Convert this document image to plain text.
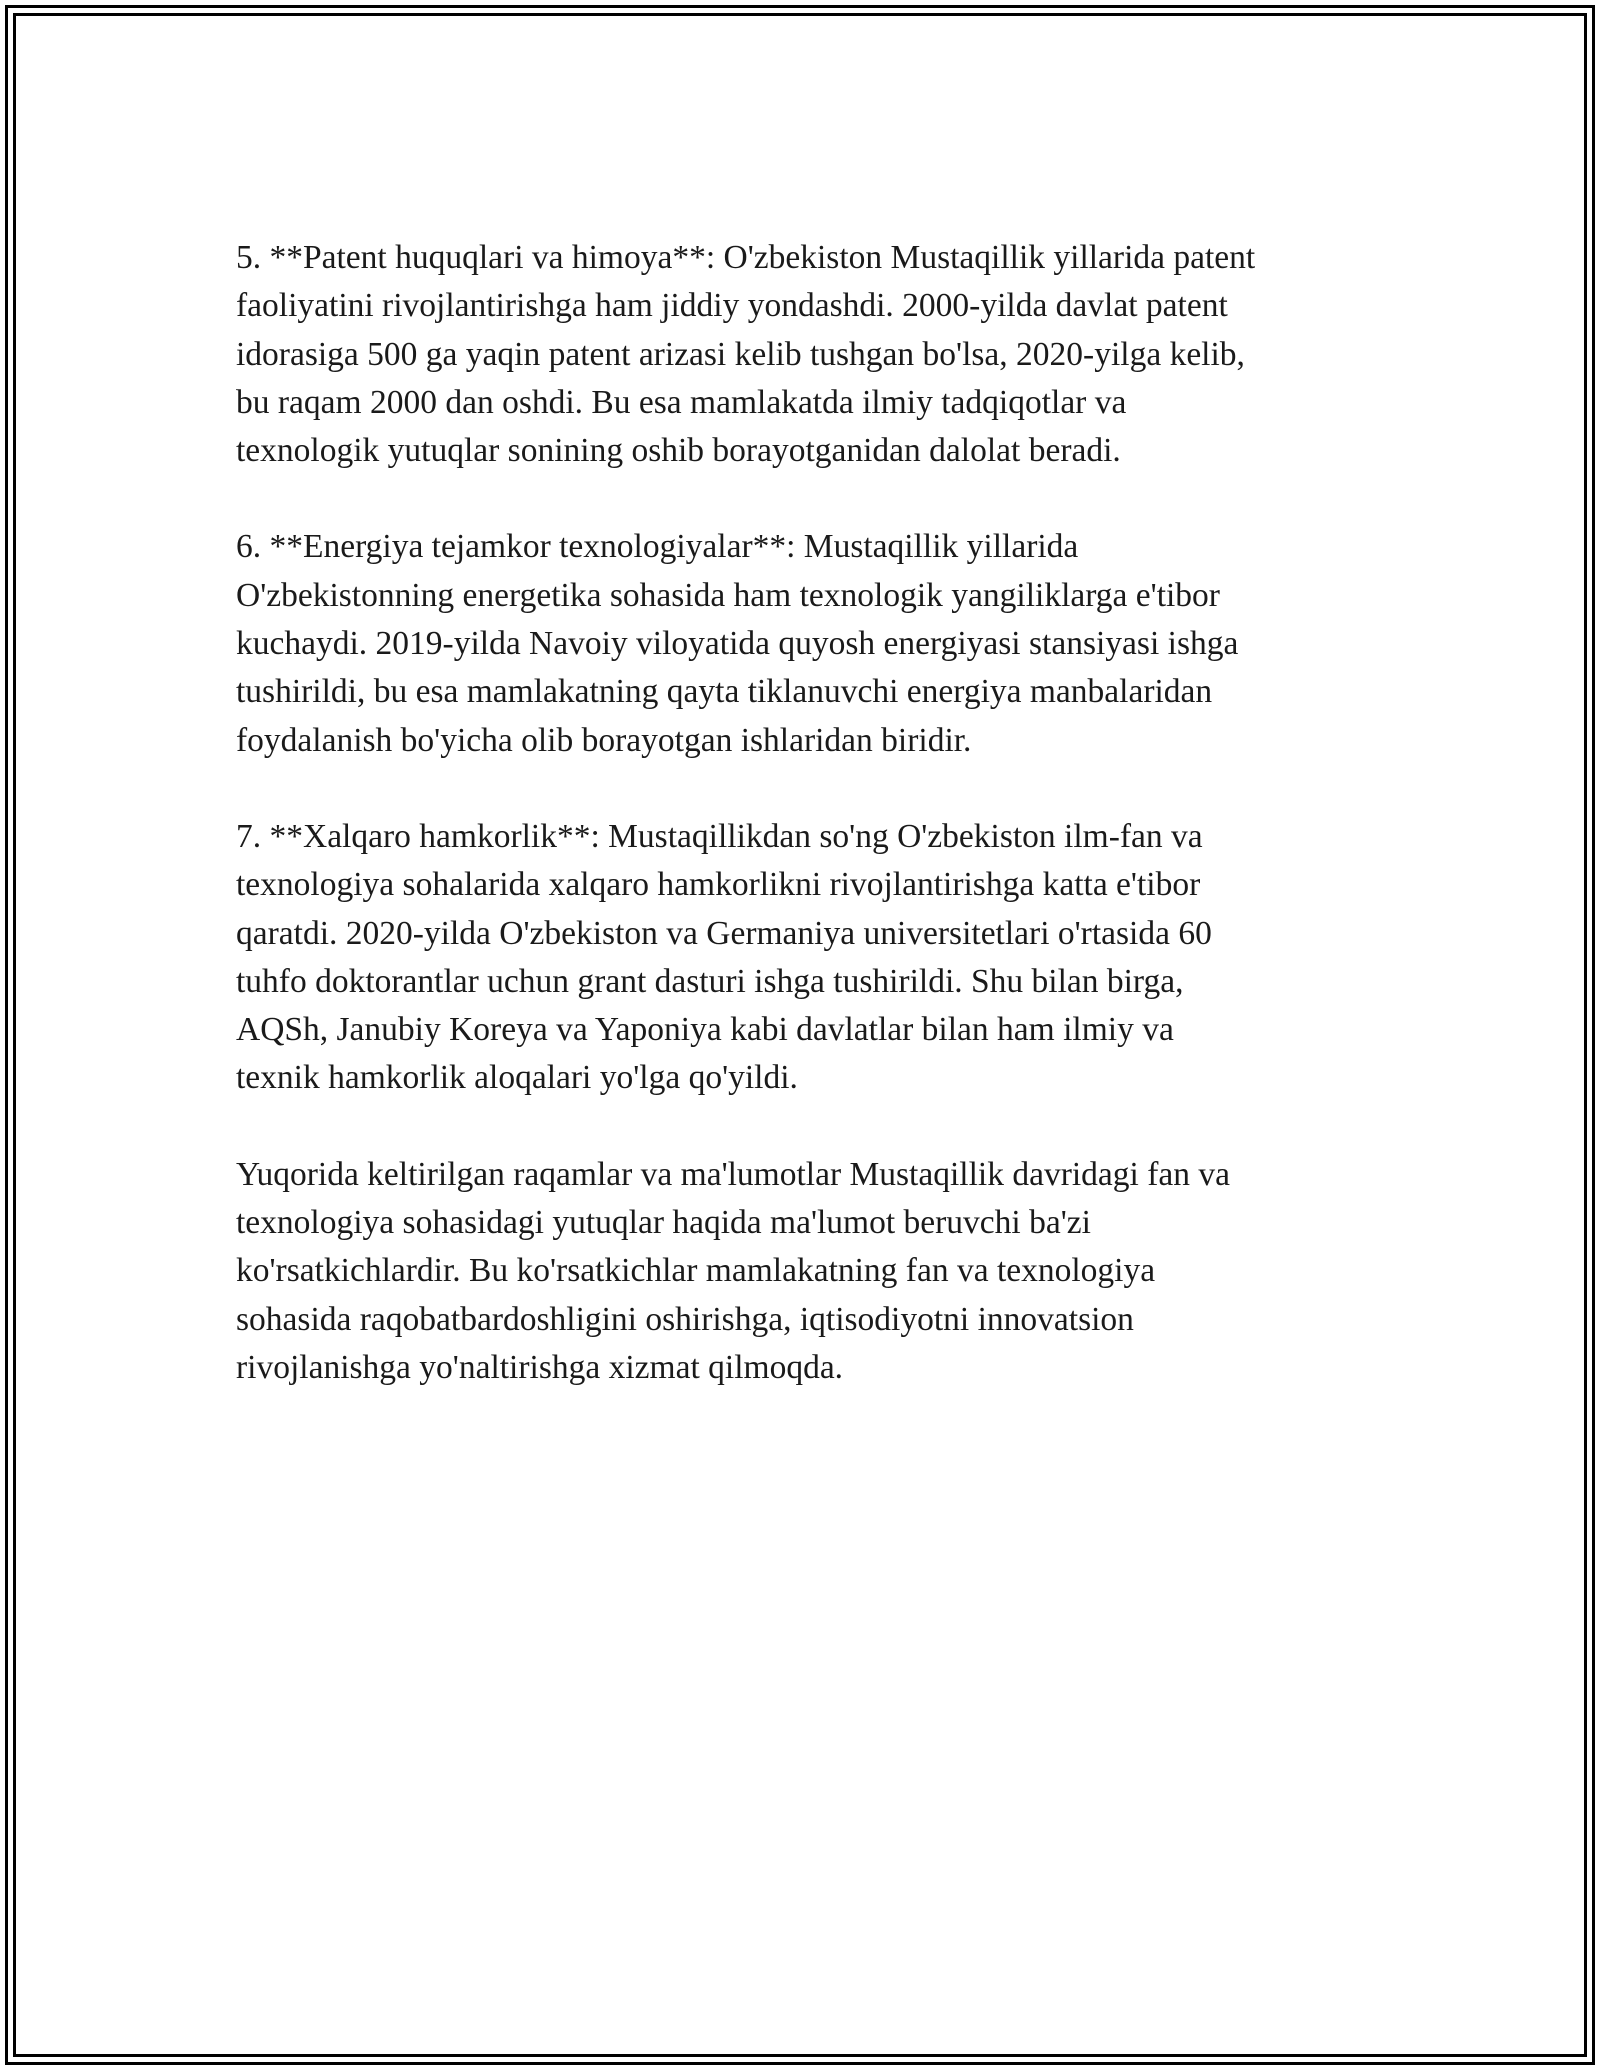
5. **Patent huquqlari va himoya**: O'zbekiston Mustaqillik yillarida patent
faoliyatini rivojlantirishga ham jiddiy yondashdi. 2000-yilda davlat patent
idorasiga 500 ga yaqin patent arizasi kelib tushgan bo'lsa, 2020-yilga kelib,
bu raqam 2000 dan oshdi. Bu esa mamlakatda ilmiy tadqiqotlar va
texnologik yutuqlar sonining oshib borayotganidan dalolat beradi.

6. **Energiya tejamkor texnologiyalar**: Mustaqillik yillarida
O'zbekistonning energetika sohasida ham texnologik yangiliklarga e'tibor
kuchaydi. 2019-yilda Navoiy viloyatida quyosh energiyasi stansiyasi ishga
tushirildi, bu esa mamlakatning qayta tiklanuvchi energiya manbalaridan
foydalanish bo'yicha olib borayotgan ishlaridan biridir.

7. **Xalqaro hamkorlik**: Mustaqillikdan so'ng O'zbekiston ilm-fan va
texnologiya sohalarida xalqaro hamkorlikni rivojlantirishga katta e'tibor
qaratdi. 2020-yilda O'zbekiston va Germaniya universitetlari o'rtasida 60
tuhfo doktorantlar uchun grant dasturi ishga tushirildi. Shu bilan birga,
AQSh, Janubiy Koreya va Yaponiya kabi davlatlar bilan ham ilmiy va
texnik hamkorlik aloqalari yo'lga qo'yildi.

Yuqorida keltirilgan raqamlar va ma'lumotlar Mustaqillik davridagi fan va
texnologiya sohasidagi yutuqlar haqida ma'lumot beruvchi ba'zi
ko'rsatkichlardir. Bu ko'rsatkichlar mamlakatning fan va texnologiya
sohasida raqobatbardoshligini oshirishga, iqtisodiyotni innovatsion
rivojlanishga yo'naltirishga xizmat qilmoqda.
